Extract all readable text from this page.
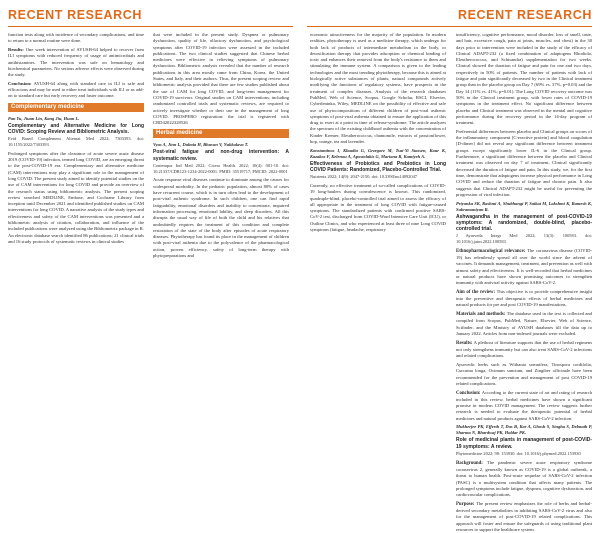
RECENT RESEARCH	RECENT RESEARCH

function tests along with incidence of secondary complications, and time to return to a normal routine were done.

Results: One week intervention of AYUSH-64 helped to recover from ILI symptoms with reduced frequency of usage of antimicrobials and antihistamines. The intervention was safe on hematology and biochemical parameters. No serious adverse effects were observed during the study.

Conclusion: AYUSH-64 along with standard care in ILI is safe and efficacious and may be used to either treat individuals with ILI or as add-on to standard care but early recovery and faster outcome.

Complementary medicine
Pan Yu, Jiuan Lin, Kang Jiu, Huan L.
Complementary and Alternative Medicine for Long COVID: Scoping Review and Bibliometric Analysis.
Evid Based Complement Alternat Med 2022; 7303393. doi: 10.1155/2022/7303393

Prolonged symptoms after the clearance of acute severe acute disease 2019 (COVID-19) infection, termed long COVID, are an emerging threat to the post-COVID-19 era. Complementary and alternative medicine (CAM) interventions may play a significant role in the management of long COVID. The present study aimed to identify potential studies on the use of CAM interventions for long COVID and provide an overview of the research status using bibliometric analysis. The present scoping review searched MEDLINE, Embase, and Cochrane Library from inception until December 2021 and identified published studies on CAM interventions for long COVID. A narrative analysis of the study types and effectiveness and safety of the CAM interventions was presented and a bibliometric analysis of citation, collaboration, and influence of the included publications were analyzed using the Bibliometrix package in R. An electronic database search identified 86 publications; 21 clinical trials and 16 study protocols of systematic reviews in clinical studies

that were included in the present study. Dyspnea or pulmonary dysfunction, quality of life, olfactory dysfunction, and psychological symptoms after COVID-19 infection were assessed in the included publications. The two clinical studies suggested that Chinese herbal medicines were effective in relieving symptoms of pulmonary dysfunction. Bibliometric analysis revealed that the number of research publications in this area mostly came from China, Korea, the United States, and Italy, and their authors. Thus, the present scoping review and bibliometric analysis provided that there are few studies published about the use of CAM for long COVID, and long-term management for COVID-19 survivors. Original studies on CAM interventions, including randomized controlled trials and systematic reviews, are required to actively investigate whether or their use in the management of long COVID. PROSPERO registration: the trial is registered with CRD42022328526

Herbal medicine
Vyas A, Jinn L, Dalmia H, Bhuvan V, Nakkalava T.
Post-viral fatigue and non-drug intervention: A systematic review.
Contempor Ind Med 2022; Cicero Health. 2022; 10(4): 001-10. doi: 10.21337/CDR123-1234-2022-0001. PMID: 35519717; PMCID: 2022-0001

Acute response viral diseases continue to dominate among the causes for widespread morbidity. In the pediatric population, almost 80% of cases have recurrent course, which is in turn often lead to the development of post-viral asthenic syndrome. In such children, one can find rapid fatiguability, emotional disorders and inability to concentrate, impaired information processing, emotional lability, and sleep disorders. All this disrupts the usual way of life of both the child and his relatives that undoubtedly requires the treatment of this condition and complete restoration of the state of the body after episodes of acute respiratory diseases. Phytotherapy has found its place in the management of children with post-viral asthenia due to the polyvalence of the pharmacological action, proven efficiency, safety of long-term therapy with phytopreparations and

economic attractiveness for the majority of the population. In modern realities, phytotherapy is used as a medicine therapy, which undergo for both lack of products of intermediate metabolism in the body, or detoxification therapy that provides adsorption or chemical binding of toxic and enhances their removal from the body's resistance to them and stimulating the immune system. A comparison is given to the leading technologies and the most trending phytotherapy, because this is aimed at biologically active substances of plants; natural compounds actively modifying the functions of regulatory systems, have prospects in the treatment of complex diseases. Analysis of the research databases PubMed, Web of Science, Scopus, Google Scholar, RSCI, Elsevier, Cyberleninka, Wiley, MEDLINE on the possibility of effective and safe use of phytocompositions of different children of post-viral asthenic symptoms of post-viral asthenia obtained to ensure the application of this drug to exert at a point in time of release-syndrome. The article analyzes the spectrum of the existing childhood asthenia with the concentration of Kinder Kremer, Eleutherococcus, chamomile, extracts of passionflower, hop, orange, tea and lavender.

Konstantinos I, Klaudia G, Grzegorz M, Tsui-Yi Stassen, Kaur K, Kazakos F, Kelenou A, Apostolakis G, Mariana R, Kamiyeh A.
Effectiveness of Probiotics and Prebiotics in Long COVID Patients: Randomized, Placebo-Controlled Trial.
Nutrients 2022; 14(9): 2047-2150. doi: 10.3390/nu14092047

Currently, no effective treatment of so-called complications of COVID-19 long-haulers during convalescence is known. This randomized, quadruple-blind, placebo-controlled trial aimed to assess the efficacy of all appropriate in the treatment of long COVID with fatigue-caused symptoms. The standardized patients with confirmed positive SARS-CoV-2 test, discharged from COVID-Ward Intensive Care Unit (ICU), or Outline Clinics, and who experienced at least three of nine Long COVID symptoms (fatigue, headache, respiratory

insufficiency, cognitive performance, mood disorder, loss of smell, taste, and hair, excessive cough, pain at joints, muscles, and chest) in the 30 days prior to intervention were included in the study of the efficacy of Clinical ADAPT-232 (a fixed combination of adaptogens Rhodiola, Eleutherococcus, and Schisandra) supplementation for two weeks. Clinical showed the duration of fatigue and pain for one and two days, respectively in 50% of patients. The number of patients with lack of fatigue and pain significantly decreased by two in the Clinical treatment group than in the placebo group on Day 7 (69% vs. 37%, p=0.03) and the Day 14 (11% vs. 41%; p=0.01). The Long COVID recovery outcome was 50% in the Clinical treatment group, with lower rates of COVID-19 symptoms in the treatment effect. No significant difference between placebo and Clinical treatment was observed in the mental and cognitive performance during the recovery period in the 14-day program of treatment.

Preferential differences between placebo and Clinical groups on scores of the inflammatory component [C-reactive protein] and blood coagulation [D-dimer] did not reveal any significant difference between treatment groups except significantly lower IL-6 in the Clinical group. Furthermore, a significant difference between the placebo and Clinical treatment was observed on day 7 of treatment, Clinical significantly decreased the duration of fatigue and pain. In this study, we, for the first time, demonstrate that adaptogens increase physical performance in Long COVID and reduce the duration of fatigue and chronic pain. It also suggests that Clinical ADAPT-232 might be useful for preventing the progression of viral infection.

Priyanka SK, Rashmi A, Shubhangi P, Saikat M, Lakshmi K, Ramesh K, Subramaniyan R.
Ashwagandha in the management of post-COVID-19 symptoms: A randomized, double-blind, placebo-controlled trial.
J Ayurveda Integr Med 2022; 13(3): 100583. doi: 10.1016/j.jaim.2022.100583

Ethnopharmacological relevance: The coronavirus disease (COVID-19) has relentlessly spread all over the world since the advent of vaccines. It demands management, treatment, and prevention as well with utmost safety and effectiveness. It is well-recorded that herbal medicines or natural products have shown promising outcomes to strengthen immunity with antiviral activity against SARS-CoV-2.

Aim of the review: This objective is to provide comprehensive insight into the preventive and therapeutic effects of herbal medicines and natural products for pre and post COVID-19 manifestations.

Materials and methods: The database used in the text is collected and compiled from Scopus, PubMed, Nature, Elsevier, Web of Science, Scifinder, and the Ministry of AYUSH databases till the data up to January 2022. Articles from non-indexed journals were excluded.

Results: A plethora of literature supports that the use of herbal regimens not only strengthens immunity but can also treat SARS-CoV-2 infections and related complications.

Ayurvedic herbs such as Withania somnifera, Tinospora cordifolia, Curcuma longa, Ocimum sanctum, and Zingiber officinale have been recommended for the prevention and management of post COVID-19 related complications.

Conclusion: According to the current state of art and rating of research included in this review, herbal medicines have shown a significant promise in modern COVID management. The review suggests further research is needed to evaluate the therapeutic potential of herbal medicines and natural products against SARS-CoV-2 infection.

Mukherjee PK, Efferth T, Das B, Kar A, Ghosh S, Singha S, Debnath P, Sharma N, Bhardwaj PK, Haldar PK.
Role of medicinal plants in management of post-COVID-19 symptoms: A review.
Phytomedicine 2022; 98: 153930. doi: 10.1016/j.phymed.2022.153930

Background: The pandemic severe acute respiratory syndrome coronavirus 2, generally known as COVID-19 is a global outbreak, a threat to human health. Post-acute sequelae of SARS-CoV-2 infection (PASC) is a multisystem condition that affects many patients. The prolonged symptoms include fatigue, dyspnea, cognitive dysfunction, and cardiovascular complications.

Purpose: The present review emphasizes the role of herbs and herbal-derived secondary metabolites in inhibiting SARS-CoV-2 virus and also for the management of post-COVID-19 related complications. This approach will foster and ensure the safeguards of using traditional plant resources to support the healthcare system.
